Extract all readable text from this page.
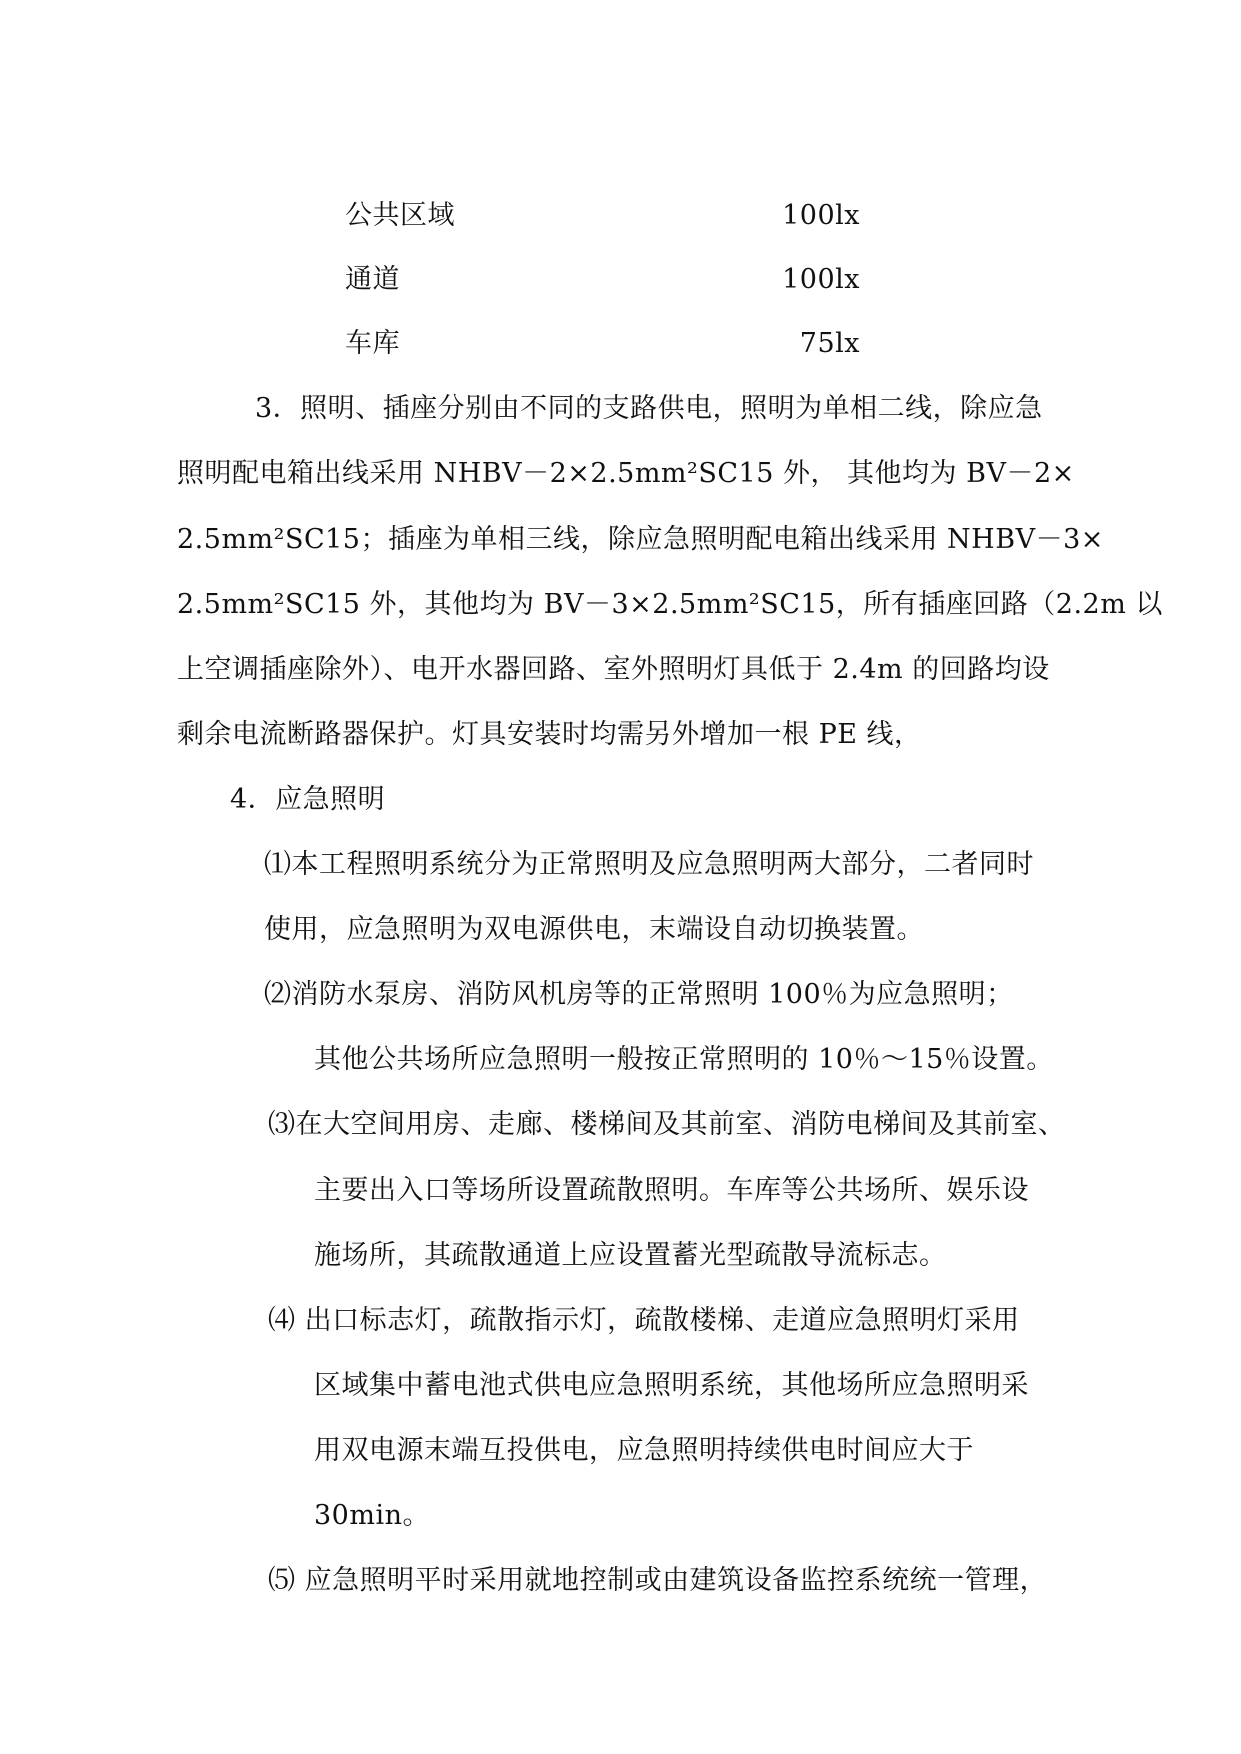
公共区域	100lx
通道	100lx
车库	75lx
3．照明、插座分别由不同的支路供电，照明为单相二线，除应急
照明配电箱出线采用 NHBV－2×2.5mm²SC15 外， 其他均为 BV－2×
2.5mm²SC15；插座为单相三线，除应急照明配电箱出线采用 NHBV－3×
2.5mm²SC15 外，其他均为 BV－3×2.5mm²SC15，所有插座回路（2.2m 以
上空调插座除外）、电开水器回路、室外照明灯具低于 2.4m 的回路均设
剩余电流断路器保护。灯具安装时均需另外增加一根 PE 线，
4．应急照明
⑴本工程照明系统分为正常照明及应急照明两大部分，二者同时
使用，应急照明为双电源供电，末端设自动切换装置。
⑵消防水泵房、消防风机房等的正常照明 100％为应急照明；
其他公共场所应急照明一般按正常照明的 10％～15％设置。
⑶在大空间用房、走廊、楼梯间及其前室、消防电梯间及其前室、
主要出入口等场所设置疏散照明。车库等公共场所、娱乐设
施场所，其疏散通道上应设置蓄光型疏散导流标志。
⑷ 出口标志灯，疏散指示灯，疏散楼梯、走道应急照明灯采用
区域集中蓄电池式供电应急照明系统，其他场所应急照明采
用双电源末端互投供电，应急照明持续供电时间应大于
30min。
⑸ 应急照明平时采用就地控制或由建筑设备监控系统统一管理，
